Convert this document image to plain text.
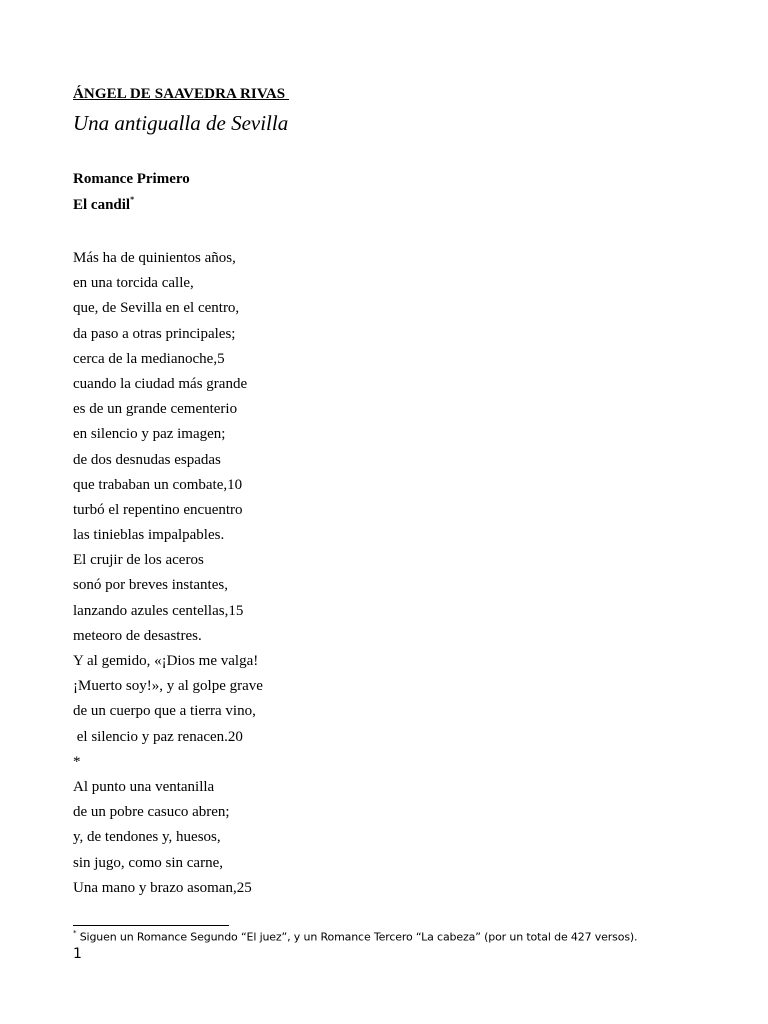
ÁNGEL DE SAAVEDRA RIVAS
Una antigualla de Sevilla
Romance Primero
El candil*
Más ha de quinientos años,
en una torcida calle,
que, de Sevilla en el centro,
da paso a otras principales;
cerca de la medianoche,5
cuando la ciudad más grande
es de un grande cementerio
en silencio y paz imagen;
de dos desnudas espadas
que trababan un combate,10
turbó el repentino encuentro
las tinieblas impalpables.
El crujir de los aceros
sonó por breves instantes,
lanzando azules centellas,15
meteoro de desastres.
Y al gemido, «¡Dios me valga!
¡Muerto soy!», y al golpe grave
de un cuerpo que a tierra vino,
el silencio y paz renacen.20
*
Al punto una ventanilla
de un pobre casuco abren;
y, de tendones y, huesos,
sin jugo, como sin carne,
Una mano y brazo asoman,25
* Siguen un Romance Segundo “El juez”, y un Romance Tercero “La cabeza” (por un total de 427 versos).
1
